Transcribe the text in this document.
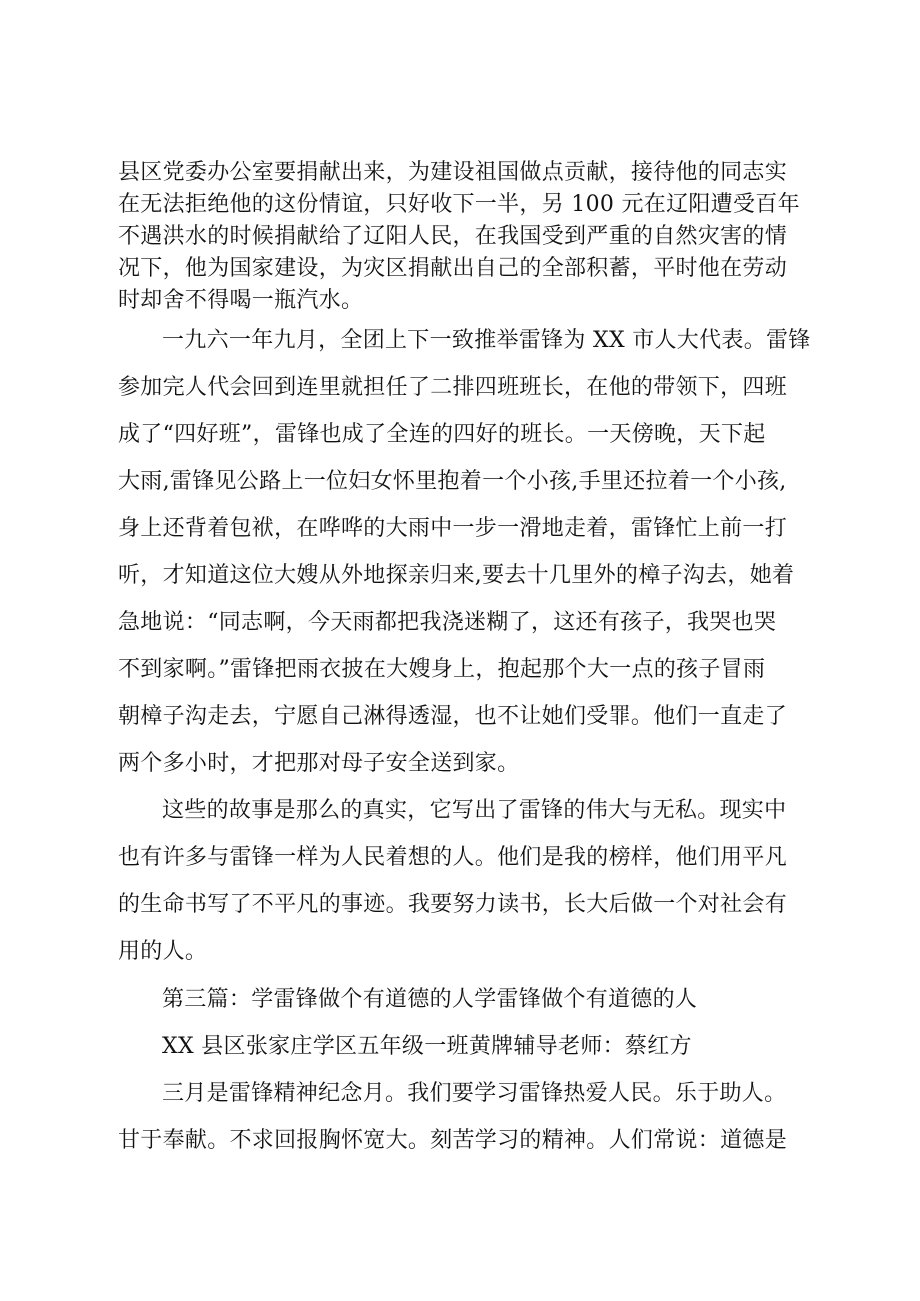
县区党委办公室要捐献出来，为建设祖国做点贡献，接待他的同志实
在无法拒绝他的这份情谊，只好收下一半，另 100 元在辽阳遭受百年
不遇洪水的时候捐献给了辽阳人民，在我国受到严重的自然灾害的情
况下，他为国家建设，为灾区捐献出自己的全部积蓄，平时他在劳动
时却舍不得喝一瓶汽水。
一九六一年九月，全团上下一致推举雷锋为 XX 市人大代表。雷锋
参加完人代会回到连里就担任了二排四班班长，在他的带领下，四班
成了“四好班”，雷锋也成了全连的四好的班长。一天傍晚，天下起
大雨,雷锋见公路上一位妇女怀里抱着一个小孩,手里还拉着一个小孩,
身上还背着包袱，在哗哗的大雨中一步一滑地走着，雷锋忙上前一打
听，才知道这位大嫂从外地探亲归来,要去十几里外的樟子沟去，她着
急地说：“同志啊，今天雨都把我浇迷糊了，这还有孩子，我哭也哭
不到家啊。”雷锋把雨衣披在大嫂身上，抱起那个大一点的孩子冒雨
朝樟子沟走去，宁愿自己淋得透湿，也不让她们受罪。他们一直走了
两个多小时，才把那对母子安全送到家。
这些的故事是那么的真实，它写出了雷锋的伟大与无私。现实中
也有许多与雷锋一样为人民着想的人。他们是我的榜样，他们用平凡
的生命书写了不平凡的事迹。我要努力读书，长大后做一个对社会有
用的人。
第三篇：学雷锋做个有道德的人学雷锋做个有道德的人
XX 县区张家庄学区五年级一班黄牌辅导老师：蔡红方
三月是雷锋精神纪念月。我们要学习雷锋热爱人民。乐于助人。
甘于奉献。不求回报胸怀宽大。刻苦学习的精神。人们常说：道德是
